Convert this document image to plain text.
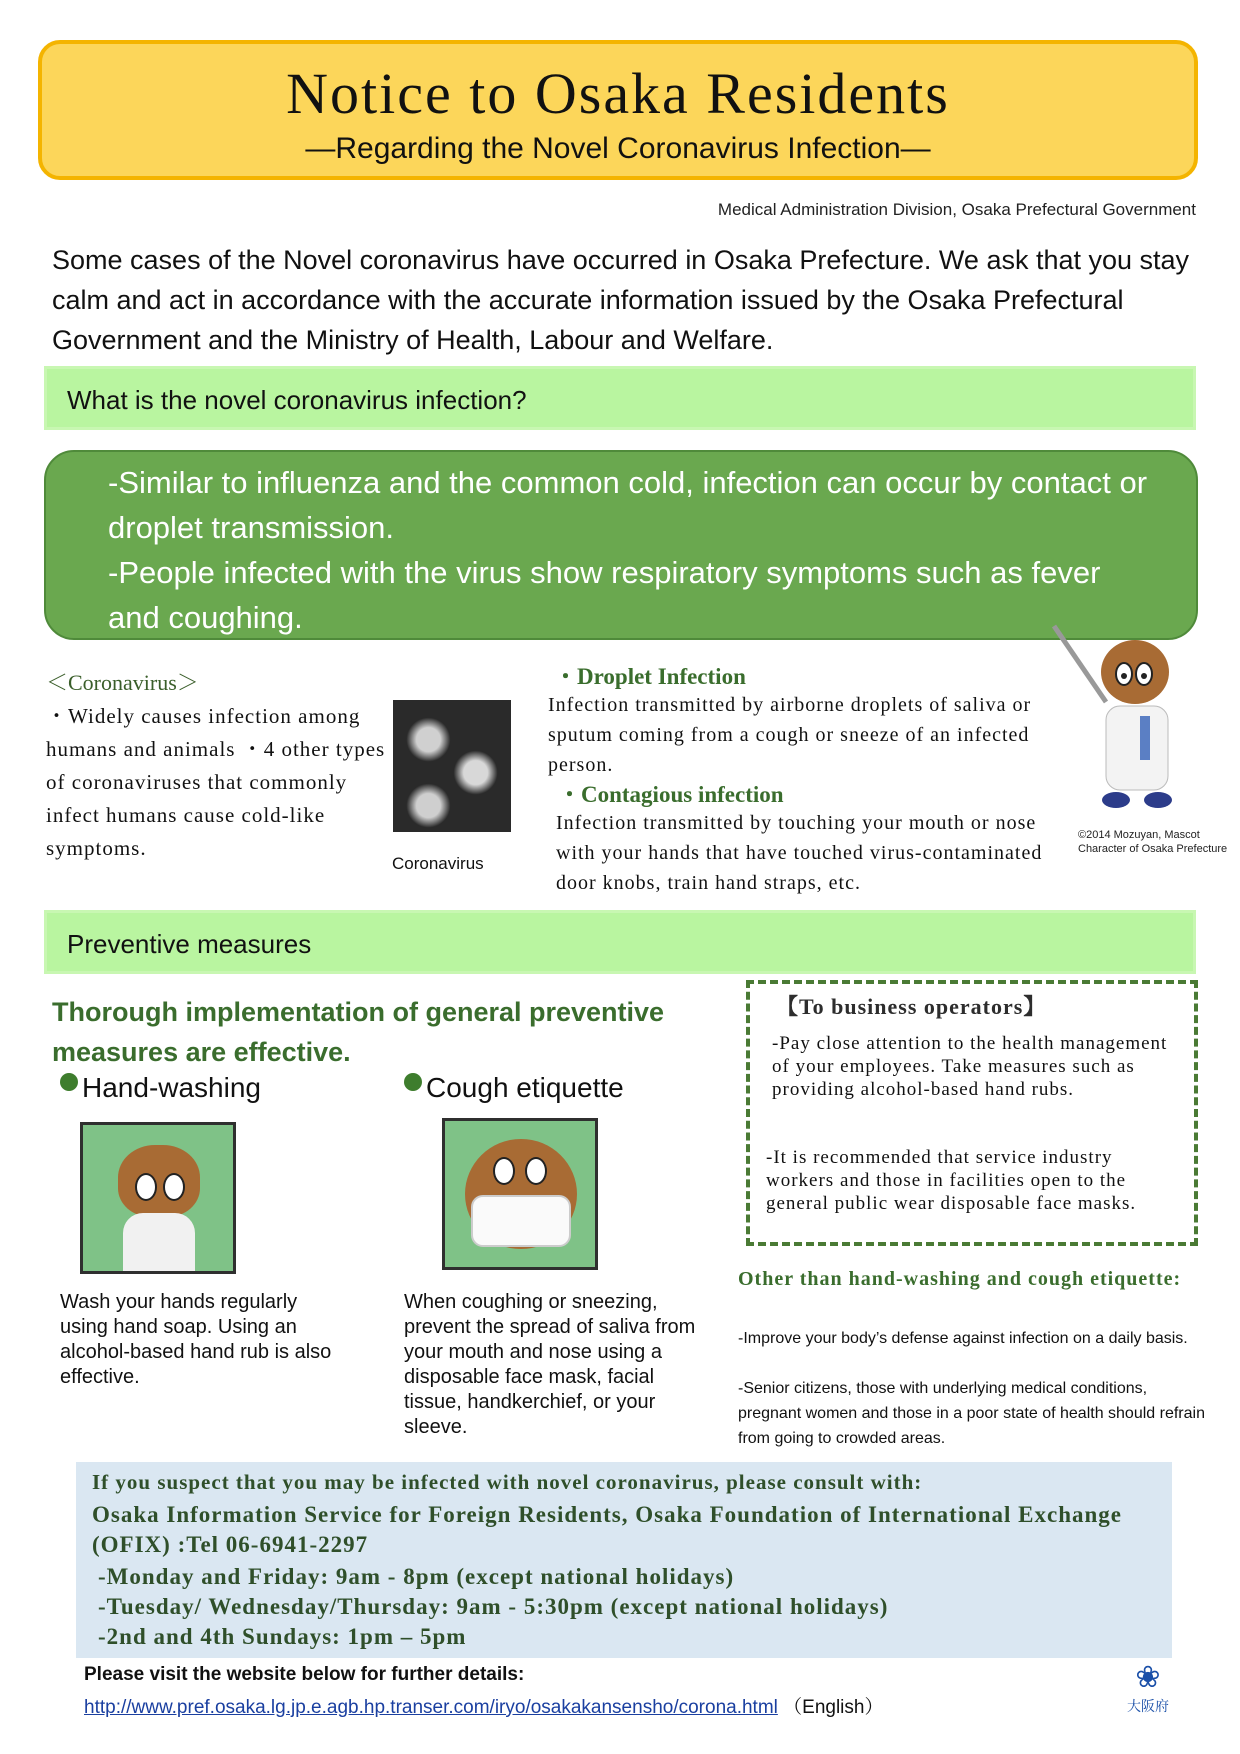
Notice to Osaka Residents
—Regarding the Novel Coronavirus Infection—
Medical Administration Division, Osaka Prefectural Government
Some cases of the Novel coronavirus have occurred in Osaka Prefecture. We ask that you stay calm and act in accordance with the accurate information issued by the Osaka Prefectural Government and the Ministry of Health, Labour and Welfare.
What is the novel coronavirus infection?
-Similar to influenza and the common cold, infection can occur by contact or droplet transmission.
-People infected with the virus show respiratory symptoms such as fever and coughing.
＜Coronavirus＞
・Widely causes infection among humans and animals ・4 other types of coronaviruses that commonly infect humans cause cold-like symptoms.
Coronavirus
・Droplet Infection
Infection transmitted by airborne droplets of saliva or sputum coming from a cough or sneeze of an infected person.
・Contagious infection
Infection transmitted by touching your mouth or nose with your hands that have touched virus-contaminated door knobs, train hand straps, etc.
©2014 Mozuyan, Mascot Character of Osaka Prefecture
Preventive measures
Thorough implementation of general preventive measures are effective.
Hand-washing	Cough etiquette
Wash your hands regularly using hand soap. Using an alcohol-based hand rub is also effective.
When coughing or sneezing, prevent the spread of saliva from your mouth and nose using a disposable face mask, facial tissue, handkerchief, or your sleeve.
【To business operators】
-Pay close attention to the health management of your employees. Take measures such as providing alcohol-based hand rubs.
-It is recommended that service industry workers and those in facilities open to the general public wear disposable face masks.
Other than hand-washing and cough etiquette:
-Improve your body’s defense against infection on a daily basis.
-Senior citizens, those with underlying medical conditions, pregnant women and those in a poor state of health should refrain from going to crowded areas.
If you suspect that you may be infected with novel coronavirus, please consult with:
Osaka Information Service for Foreign Residents, Osaka Foundation of International Exchange (OFIX) :Tel 06-6941-2297
-Monday and Friday: 9am - 8pm (except national holidays)
-Tuesday/ Wednesday/Thursday: 9am - 5:30pm (except national holidays)
-2nd and 4th Sundays: 1pm – 5pm
Please visit the website below for further details:
http://www.pref.osaka.lg.jp.e.agb.hp.transer.com/iryo/osakakansensho/corona.html （English）
❀
大阪府
